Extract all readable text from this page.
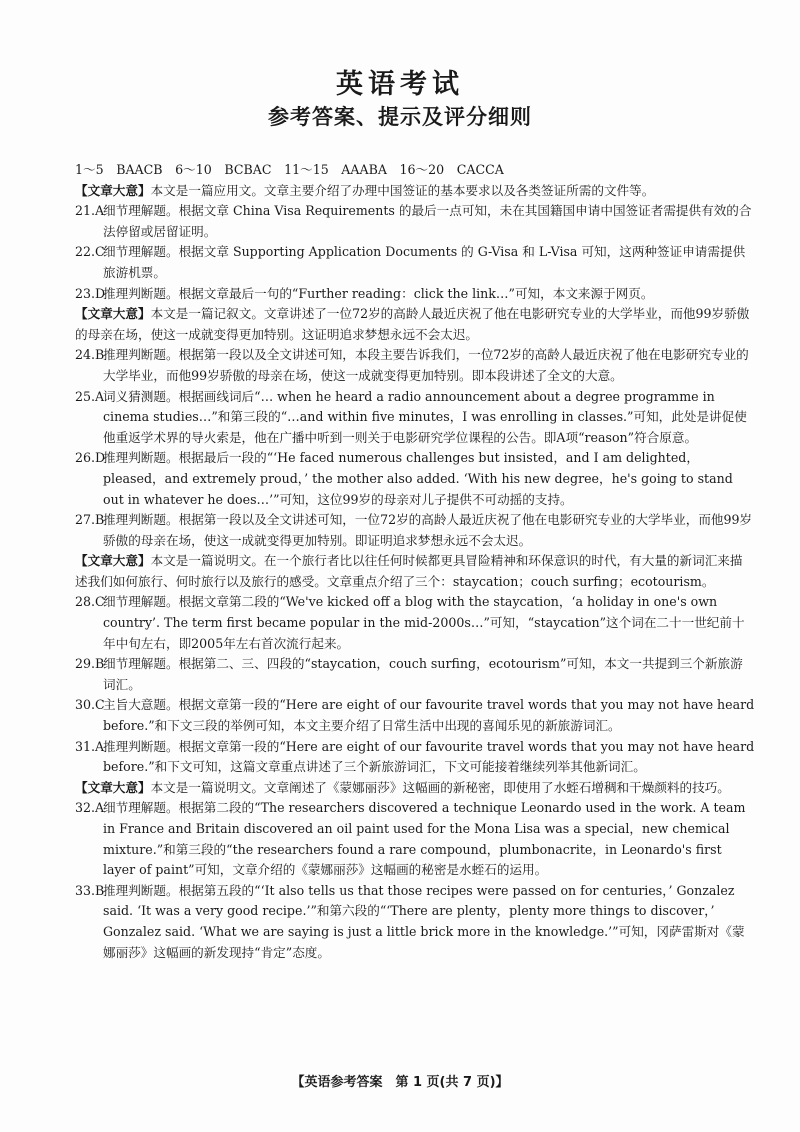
英语考试
参考答案、提示及评分细则

1～5　BAACB　6～10　BCBAC　11～15　AAABA　16～20　CACCA

【文章大意】本文是一篇应用文。文章主要介绍了办理中国签证的基本要求以及各类签证所需的文件等。

21.A细节理解题。根据文章 China Visa Requirements 的最后一点可知，未在其国籍国申请中国签证者需提供有效的合法停留或居留证明。

22.C细节理解题。根据文章 Supporting Application Documents 的 G-Visa 和 L-Visa 可知，这两种签证申请需提供旅游机票。

23.D推理判断题。根据文章最后一句的“Further reading：click the link…”可知，本文来源于网页。

【文章大意】本文是一篇记叙文。文章讲述了一位72岁的高龄人最近庆祝了他在电影研究专业的大学毕业，而他99岁骄傲的母亲在场，使这一成就变得更加特别。这证明追求梦想永远不会太迟。

24.B推理判断题。根据第一段以及全文讲述可知，本段主要告诉我们，一位72岁的高龄人最近庆祝了他在电影研究专业的大学毕业，而他99岁骄傲的母亲在场，使这一成就变得更加特别。即本段讲述了全文的大意。

25.A词义猜测题。根据画线词后“… when he heard a radio announcement about a degree programme in cinema studies…”和第三段的“…and within five minutes，I was enrolling in classes.”可知，此处是讲促使他重返学术界的导火索是，他在广播中听到一则关于电影研究学位课程的公告。即A项“reason”符合原意。

26.D推理判断题。根据最后一段的“‘He faced numerous challenges but insisted，and I am delighted，pleased，and extremely proud，’ the mother also added. ‘With his new degree，he's going to stand out in whatever he does…’”可知，这位99岁的母亲对儿子提供不可动摇的支持。

27.B推理判断题。根据第一段以及全文讲述可知，一位72岁的高龄人最近庆祝了他在电影研究专业的大学毕业，而他99岁骄傲的母亲在场，使这一成就变得更加特别。即证明追求梦想永远不会太迟。

【文章大意】本文是一篇说明文。在一个旅行者比以往任何时候都更具冒险精神和环保意识的时代，有大量的新词汇来描述我们如何旅行、何时旅行以及旅行的感受。文章重点介绍了三个：staycation；couch surfing；ecotourism。

28.C细节理解题。根据文章第二段的“We've kicked off a blog with the staycation，‘a holiday in one's own country’. The term first became popular in the mid-2000s…”可知，“staycation”这个词在二十一世纪前十年中旬左右，即2005年左右首次流行起来。

29.B细节理解题。根据第二、三、四段的“staycation，couch surfing，ecotourism”可知，本文一共提到三个新旅游词汇。

30.C主旨大意题。根据文章第一段的“Here are eight of our favourite travel words that you may not have heard before.”和下文三段的举例可知，本文主要介绍了日常生活中出现的喜闻乐见的新旅游词汇。

31.A推理判断题。根据文章第一段的“Here are eight of our favourite travel words that you may not have heard before.”和下文可知，这篇文章重点讲述了三个新旅游词汇，下文可能接着继续列举其他新词汇。

【文章大意】本文是一篇说明文。文章阐述了《蒙娜丽莎》这幅画的新秘密，即使用了水蛭石增稠和干燥颜料的技巧。

32.A细节理解题。根据第二段的“The researchers discovered a technique Leonardo used in the work. A team in France and Britain discovered an oil paint used for the Mona Lisa was a special，new chemical mixture.”和第三段的“the researchers found a rare compound，plumbonacrite，in Leonardo's first layer of paint”可知，文章介绍的《蒙娜丽莎》这幅画的秘密是水蛭石的运用。

33.B推理判断题。根据第五段的“‘It also tells us that those recipes were passed on for centuries，’ Gonzalez said. ‘It was a very good recipe.’”和第六段的“‘There are plenty，plenty more things to discover，’ Gonzalez said. ‘What we are saying is just a little brick more in the knowledge.’”可知，冈萨雷斯对《蒙娜丽莎》这幅画的新发现持“肯定”态度。

【英语参考答案　第 1 页(共 7 页)】
